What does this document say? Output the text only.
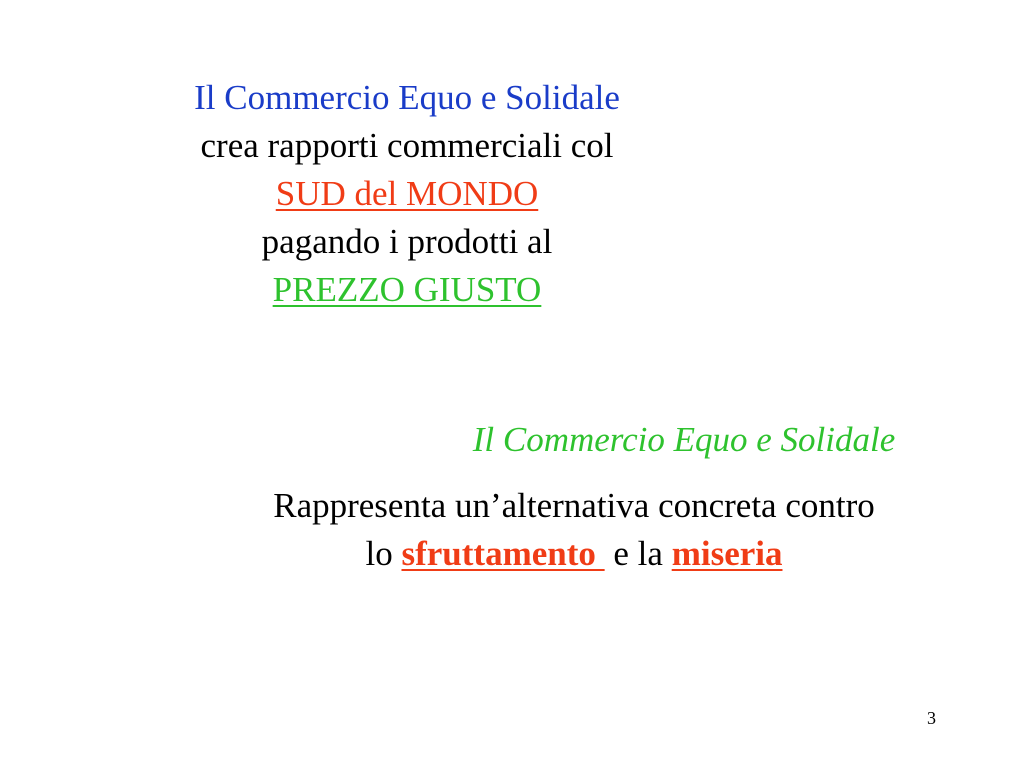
Il Commercio Equo e Solidale
crea rapporti commerciali col
SUD del MONDO
pagando i prodotti al
PREZZO GIUSTO
Il Commercio Equo e Solidale
Rappresenta un’alternativa concreta contro
lo sfruttamento  e la miseria
3
